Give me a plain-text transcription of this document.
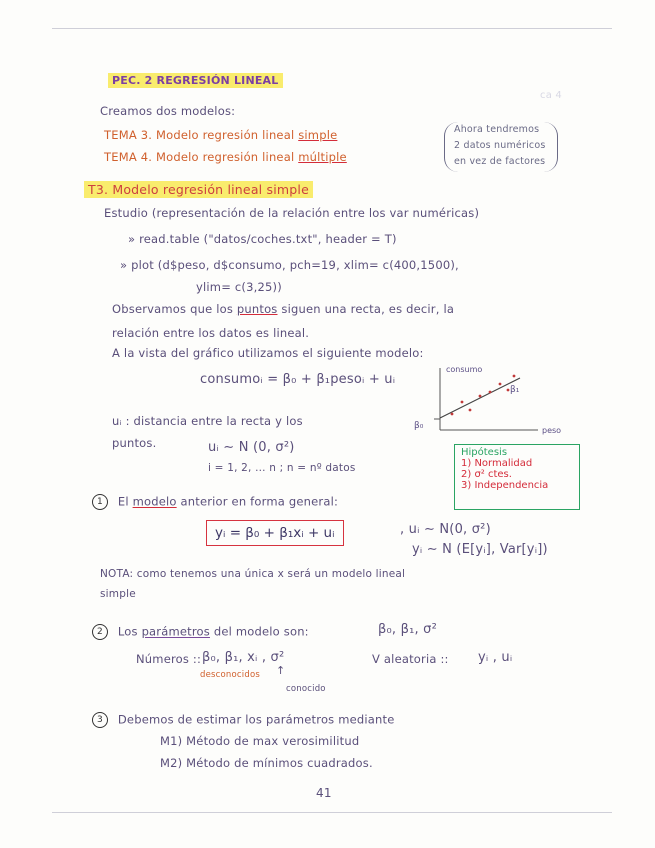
PEC. 2 REGRESIÓN LINEAL
ca 4
Creamos dos modelos:
TEMA 3. Modelo regresión lineal simple
TEMA 4. Modelo regresión lineal múltiple
Ahora tendremos
2 datos numéricos
en vez de factores
T3. Modelo regresión lineal simple
Estudio (representación de la relación entre los var numéricas)
» read.table ("datos/coches.txt", header = T)
» plot (d$peso, d$consumo, pch=19, xlim= c(400,1500),
ylim= c(3,25))
Observamos que los puntos siguen una recta, es decir, la
relación entre los datos es lineal.
A la vista del gráfico utilizamos el siguiente modelo:
consumoᵢ = β₀ + β₁pesoᵢ + uᵢ
consumo
peso
β₁
β₀
uᵢ : distancia entre la recta y los
puntos.	uᵢ ∼ N (0, σ²)
i = 1, 2, ... n ; n = nº datos
Hipótesis
1) Normalidad
2) σ² ctes.
3) Independencia
1 El modelo anterior en forma general:
yᵢ = β₀ + β₁xᵢ + uᵢ	, uᵢ ∼ N(0, σ²)
yᵢ ∼ N (E[yᵢ], Var[yᵢ])
NOTA: como tenemos una única x será un modelo lineal
simple
2 Los parámetros del modelo son:	β₀, β₁, σ²
Números :: β₀, β₁, xᵢ , σ²
desconocidos ↑
conocido
V aleatoria :: yᵢ , uᵢ
3 Debemos de estimar los parámetros mediante
M1) Método de max verosimilitud
M2) Método de mínimos cuadrados.
41
